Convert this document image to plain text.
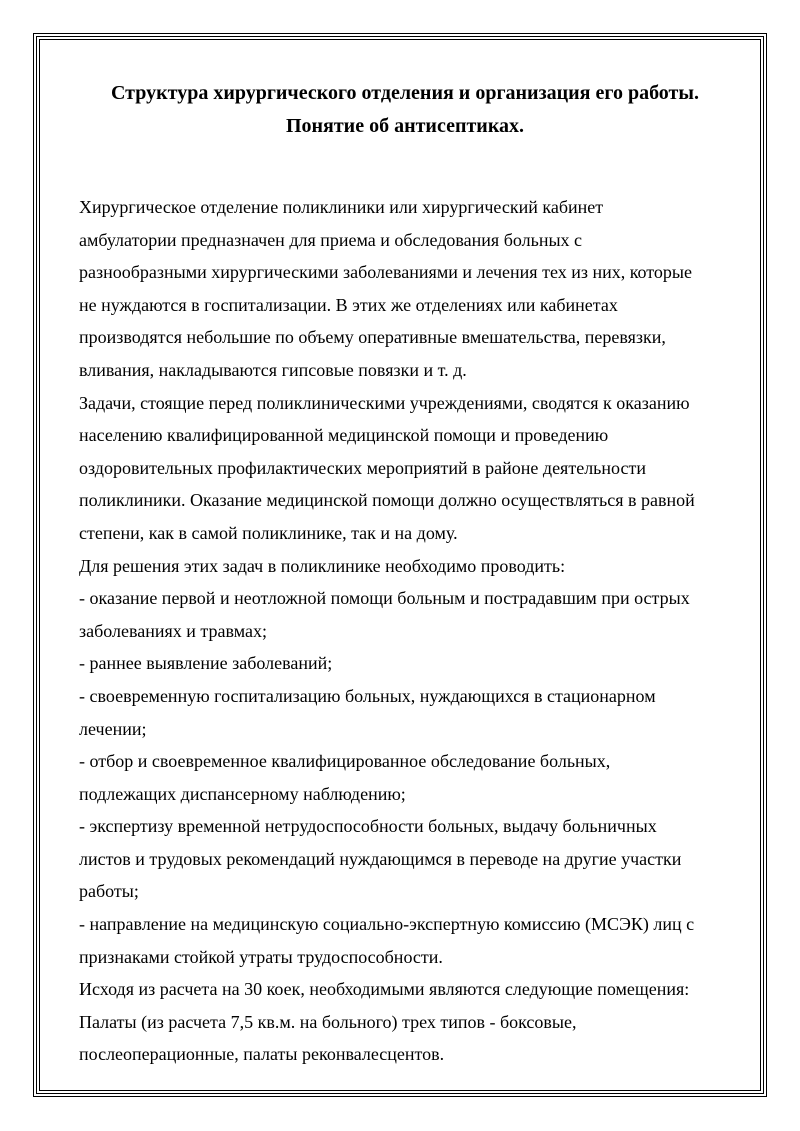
Структура хирургического отделения и организация его работы.
Понятие об антисептиках.
Хирургическое отделение поликлиники или хирургический кабинет
амбулатории предназначен для приема и обследования больных с
разнообразными хирургическими заболеваниями и лечения тех из них, которые
не нуждаются в госпитализации. В этих же отделениях или кабинетах
производятся небольшие по объему оперативные вмешательства, перевязки,
вливания, накладываются гипсовые повязки и т. д.
Задачи, стоящие перед поликлиническими учреждениями, сводятся к оказанию
населению квалифицированной медицинской помощи и проведению
оздоровительных профилактических мероприятий в районе деятельности
поликлиники. Оказание медицинской помощи должно осуществляться в равной
степени, как в самой поликлинике, так и на дому.
Для решения этих задач в поликлинике необходимо проводить:
- оказание первой и неотложной помощи больным и пострадавшим при острых
заболеваниях и травмах;
- раннее выявление заболеваний;
- своевременную госпитализацию больных, нуждающихся в стационарном
лечении;
- отбор и своевременное квалифицированное обследование больных,
подлежащих диспансерному наблюдению;
- экспертизу временной нетрудоспособности больных, выдачу больничных
листов и трудовых рекомендаций нуждающимся в переводе на другие участки
работы;
- направление на медицинскую социально-экспертную комиссию (МСЭК) лиц с
признаками стойкой утраты трудоспособности.
Исходя из расчета на 30 коек, необходимыми являются следующие помещения:
Палаты (из расчета 7,5 кв.м. на больного) трех типов - боксовые,
послеоперационные, палаты реконвалесцентов.
